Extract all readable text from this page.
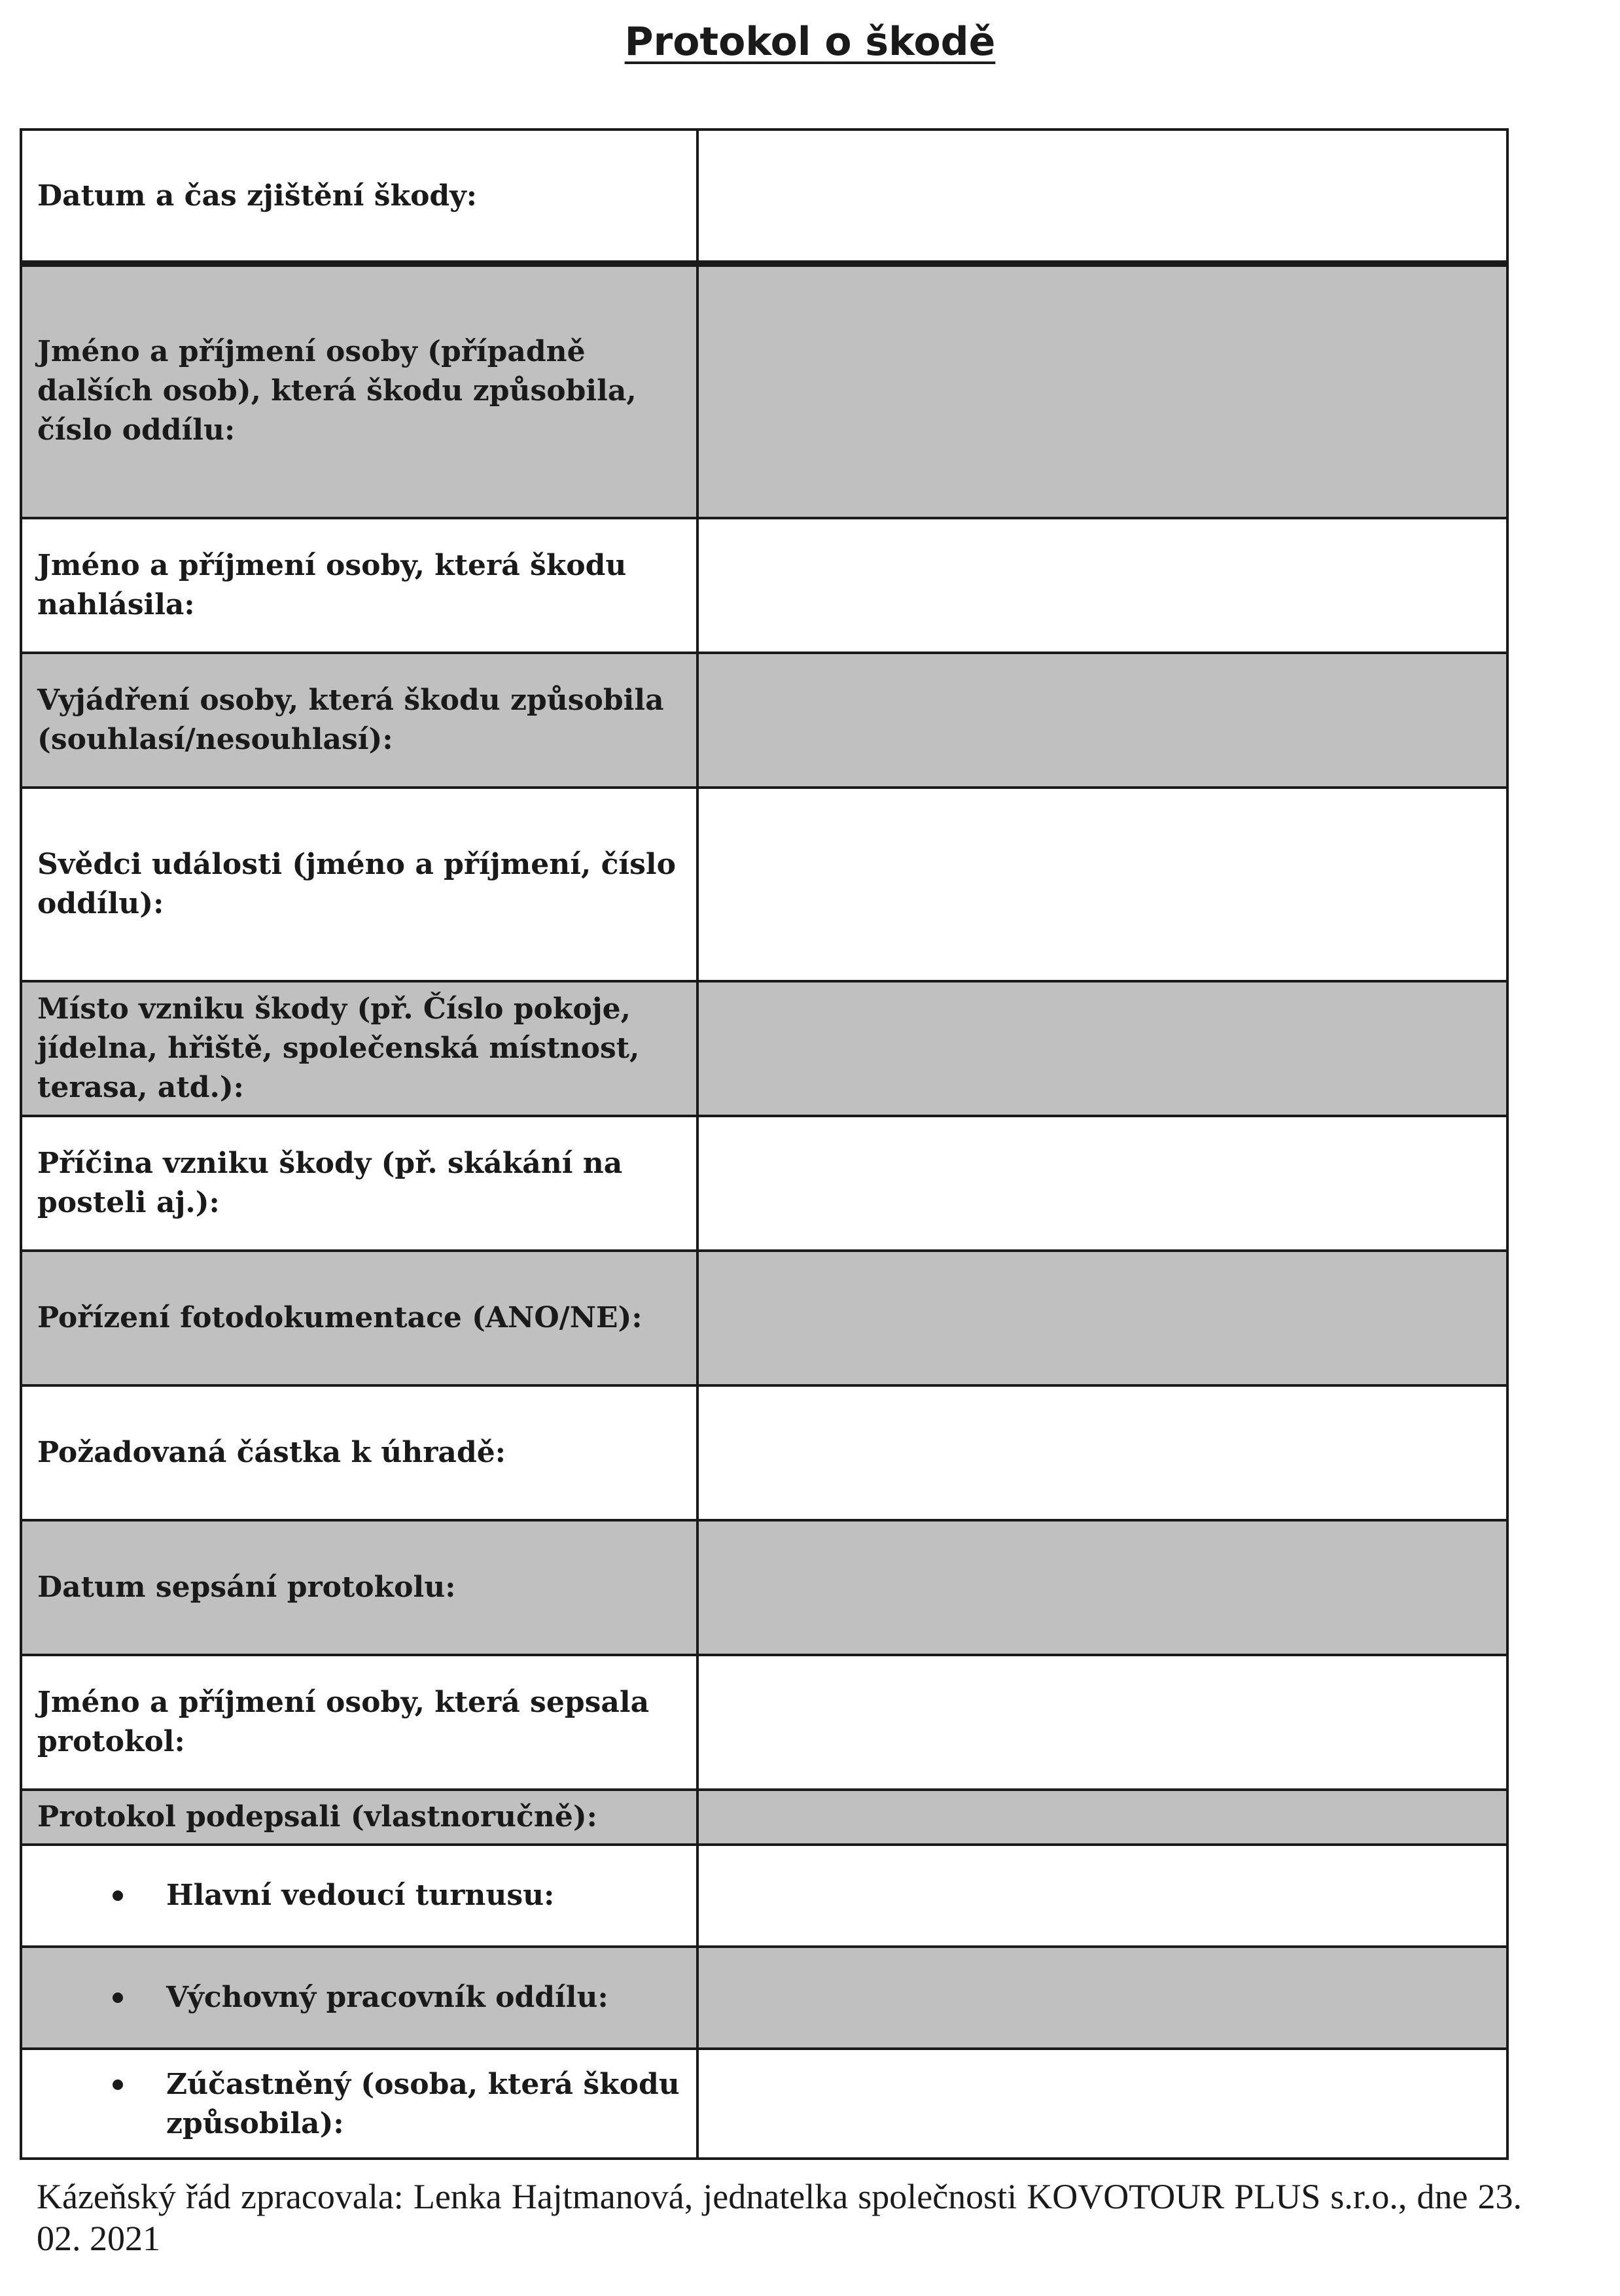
Protokol o škodě
Datum a čas zjištění škody:
Jméno a příjmení osoby (případně dalších osob), která škodu způsobila, číslo oddílu:
Jméno a příjmení osoby, která škodu nahlásila:
Vyjádření osoby, která škodu způsobila (souhlasí/nesouhlasí):
Svědci události (jméno a příjmení, číslo oddílu):
Místo vzniku škody (př. Číslo pokoje, jídelna, hřiště, společenská místnost, terasa, atd.):
Příčina vzniku škody (př. skákání na posteli aj.):
Pořízení fotodokumentace (ANO/NE):
Požadovaná částka k úhradě:
Datum sepsání protokolu:
Jméno a příjmení osoby, která sepsala protokol:
Protokol podepsali (vlastnoručně):
Hlavní vedoucí turnusu:
Výchovný pracovník oddílu:
Zúčastněný (osoba, která škodu způsobila):

Kázeňský řád zpracovala: Lenka Hajtmanová, jednatelka společnosti KOVOTOUR PLUS s.r.o., dne 23. 02. 2021
